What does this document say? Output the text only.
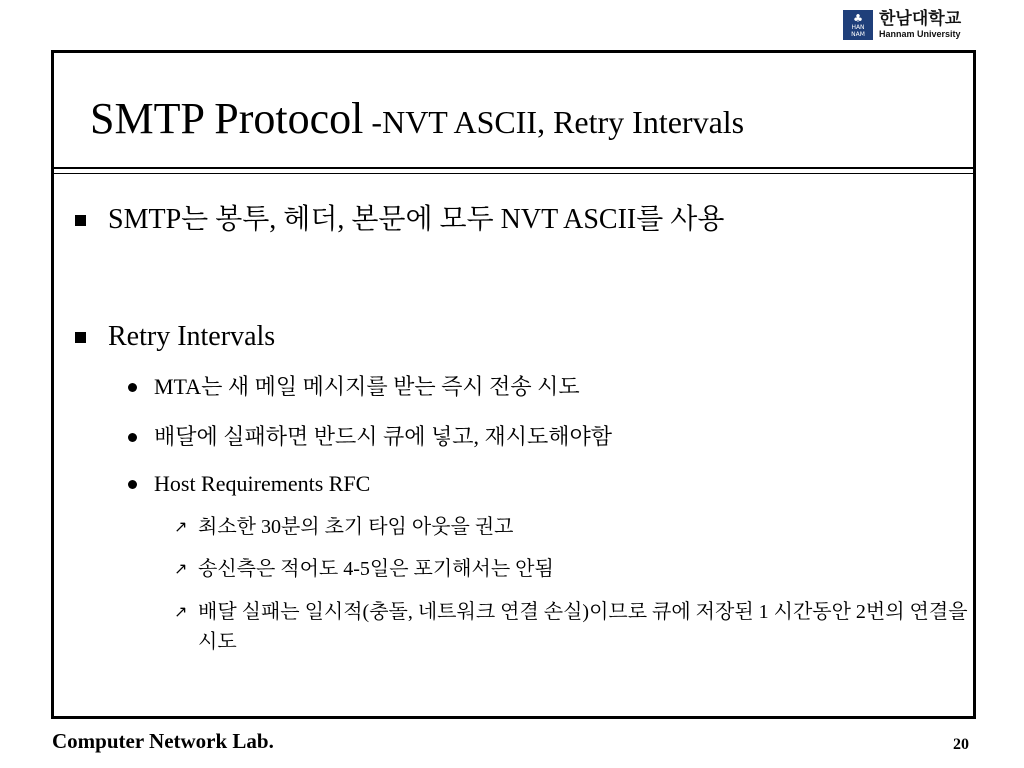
♣
HAN
NAM
한남대학교
Hannam University
SMTP Protocol -NVT ASCII, Retry Intervals
SMTP는 봉투, 헤더, 본문에 모두 NVT ASCII를 사용
Retry Intervals
MTA는 새 메일 메시지를 받는 즉시 전송 시도
배달에 실패하면 반드시 큐에 넣고, 재시도해야함
Host Requirements RFC
↗ 최소한 30분의 초기 타임 아웃을 권고
↗ 송신측은 적어도 4-5일은 포기해서는 안됨
↗ 배달 실패는 일시적(충돌, 네트워크 연결 손실)이므로 큐에 저장된 1 시간동안 2번의 연결을 시도
Computer Network Lab.	20
